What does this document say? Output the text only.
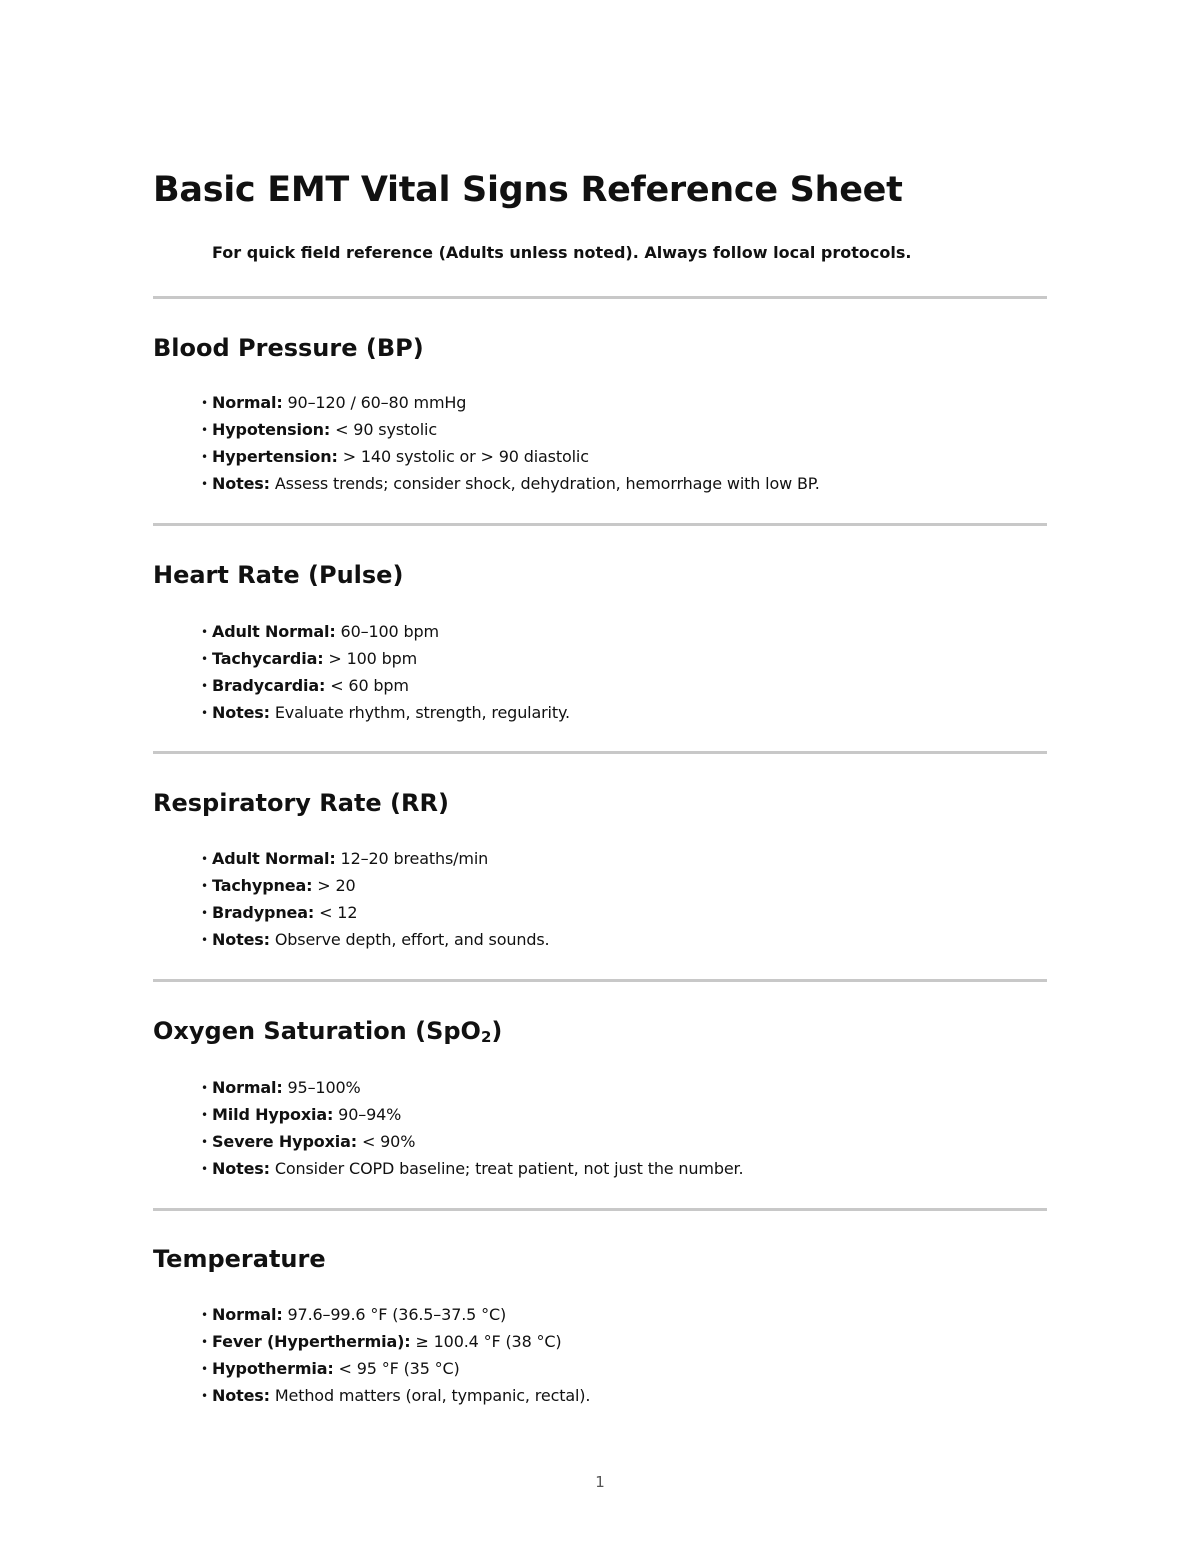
Basic EMT Vital Signs Reference Sheet

For quick field reference (Adults unless noted). Always follow local protocols.

Blood Pressure (BP)
• Normal: 90–120 / 60–80 mmHg
• Hypotension: < 90 systolic
• Hypertension: > 140 systolic or > 90 diastolic
• Notes: Assess trends; consider shock, dehydration, hemorrhage with low BP.
Heart Rate (Pulse)
• Adult Normal: 60–100 bpm
• Tachycardia: > 100 bpm
• Bradycardia: < 60 bpm
• Notes: Evaluate rhythm, strength, regularity.
Respiratory Rate (RR)
• Adult Normal: 12–20 breaths/min
• Tachypnea: > 20
• Bradypnea: < 12
• Notes: Observe depth, effort, and sounds.
Oxygen Saturation (SpO$_2$)
• Normal: 95–100%
• Mild Hypoxia: 90–94%
• Severe Hypoxia: < 90%
• Notes: Consider COPD baseline; treat patient, not just the number.
Temperature
• Normal: 97.6–99.6 °F (36.5–37.5 °C)
• Fever (Hyperthermia): ≥ 100.4 °F (38 °C)
• Hypothermia: < 95 °F (35 °C)
• Notes: Method matters (oral, tympanic, rectal).
1
